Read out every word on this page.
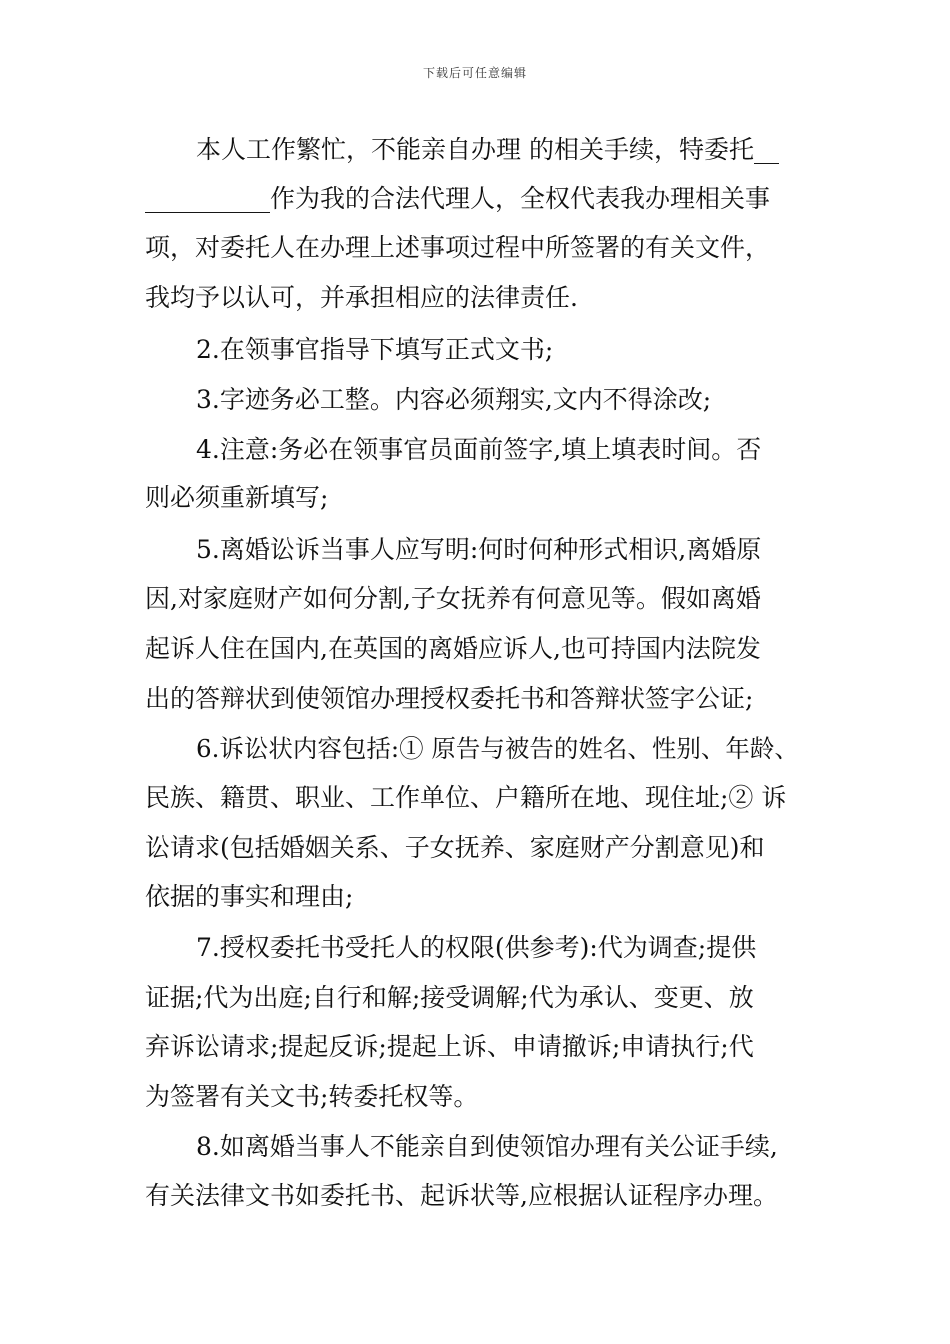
下载后可任意编辑
本人工作繁忙，不能亲自办理 的相关手续，特委托__
__________作为我的合法代理人，全权代表我办理相关事
项，对委托人在办理上述事项过程中所签署的有关文件，
我均予以认可，并承担相应的法律责任.
2.在领事官指导下填写正式文书;
3.字迹务必工整。内容必须翔实,文内不得涂改;
4.注意:务必在领事官员面前签字,填上填表时间。否
则必须重新填写;
5.离婚讼诉当事人应写明:何时何种形式相识,离婚原
因,对家庭财产如何分割,子女抚养有何意见等。假如离婚
起诉人住在国内,在英国的离婚应诉人,也可持国内法院发
出的答辩状到使领馆办理授权委托书和答辩状签字公证;
6.诉讼状内容包括:① 原告与被告的姓名、性别、年龄、
民族、籍贯、职业、工作单位、户籍所在地、现住址;② 诉
讼请求(包括婚姻关系、子女抚养、家庭财产分割意见)和
依据的事实和理由;
7.授权委托书受托人的权限(供参考):代为调查;提供
证据;代为出庭;自行和解;接受调解;代为承认、变更、放
弃诉讼请求;提起反诉;提起上诉、申请撤诉;申请执行;代
为签署有关文书;转委托权等。
8.如离婚当事人不能亲自到使领馆办理有关公证手续,
有关法律文书如委托书、起诉状等,应根据认证程序办理。
